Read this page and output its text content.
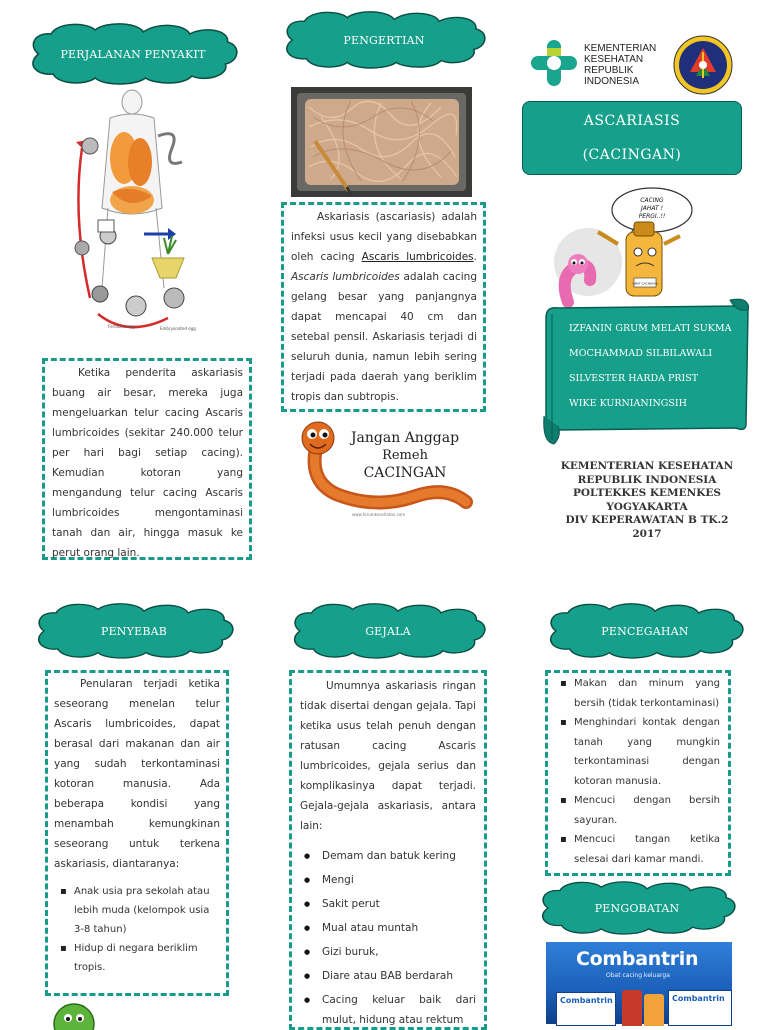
PERJALANAN PENYAKIT
PENGERTIAN
PENYEBAB	GEJALA	PENCEGAHAN
PENGOBATAN
Embryonated egg
Fertilized egg
Ketika penderita askariasis buang air besar, mereka juga mengeluarkan telur cacing Ascaris lumbricoides (sekitar 240.000 telur per hari bagi setiap cacing). Kemudian kotoran yang mengandung telur cacing Ascaris lumbricoides mengontaminasi tanah dan air, hingga masuk ke perut orang lain.
Askariasis (ascariasis) adalah infeksi usus kecil yang disebabkan oleh cacing Ascaris lumbricoides. Ascaris lumbricoides adalah cacing gelang besar yang panjangnya dapat mencapai 40 cm dan setebal pensil. Askariasis terjadi di seluruh dunia, namun lebih sering terjadi pada daerah yang beriklim tropis dan subtropis.
www.forumkesehatan.com
Jangan Anggap
Remeh
CACINGAN
KEMENTERIAN
KESEHATAN
REPUBLIK
INDONESIA
ASCARIASIS
(CACINGAN)
CACING
JAHAT !
PERGI..!!
OBAT CACINGAN
IZFANIN GRUM MELATI SUKMA
MOCHAMMAD SILBILAWALI
SILVESTER HARDA PRIST
WIKE KURNIANINGSIH
KEMENTERIAN KESEHATAN
REPUBLIK INDONESIA
POLTEKKES KEMENKES
YOGYAKARTA
DIV KEPERAWATAN B TK.2
2017
Penularan terjadi ketika seseorang menelan telur Ascaris lumbricoides, dapat berasal dari makanan dan air yang sudah terkontaminasi kotoran manusia. Ada beberapa kondisi yang menambah kemungkinan seseorang untuk terkena askariasis, diantaranya:
▪ Anak usia pra sekolah atau lebih muda (kelompok usia 3-8 tahun)
▪ Hidup di negara beriklim tropis.
Umumnya askariasis ringan tidak disertai dengan gejala. Tapi ketika usus telah penuh dengan ratusan cacing Ascaris lumbricoides, gejala serius dan komplikasinya dapat terjadi. Gejala-gejala askariasis, antara lain:
● Demam dan batuk kering
● Mengi
● Sakit perut
● Mual atau muntah
● Gizi buruk,
● Diare atau BAB berdarah
● Cacing keluar baik dari mulut, hidung atau rektum
▪ Makan dan minum yang bersih (tidak terkontaminasi)
▪ Menghindari kontak dengan tanah yang mungkin terkontaminasi dengan kotoran manusia.
▪ Mencuci dengan bersih sayuran.
▪ Mencuci tangan ketika selesai dari kamar mandi.
Combantrin
Obat cacing keluarga
Combantrin	Combantrin
